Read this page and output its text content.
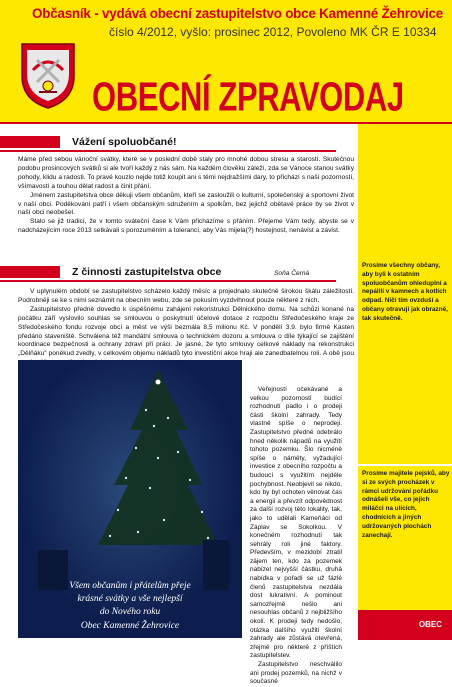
Občasník - vydává obecní zastupitelstvo obce Kamenné Žehrovice
číslo 4/2012, vyšlo: prosinec 2012, Povoleno MK ČR E 10334
OBECNÍ ZPRAVODAJ
Prosíme všechny občany, aby byli k ostatním spoluobčanům ohleduplní a nepálili v kamnech a kotlích odpad. Ničí tím ovzduší a občany otravují jak obrazně, tak skutečně.
Prosíme majitele pejsků, aby si ze svých procházek v rámci udržování pořádku odnášeli vše, co jejich miláčci na ulicích, chodnících a jiných udržovaných plochách zanechají.
OBEC
Vážení spoluobčané!

Máme před sebou vánoční svátky, které se v poslední době staly pro mnohé dobou stresu a starostí. Skutečnou podobu prosincových svátků si ale tvoří každý z nás sám. Na každém člověku záleží, zda se Vánoce stanou svátky pohody, klidu a radosti. To pravé kouzlo nejde totiž koupit ani s těmi nejdražšími dary, to přichází s naší pozorností, všímavostí a touhou dělat radost a činit přání.

Jménem zastupitelstva obce děkuji všem občanům, kteří se zasloužili o kulturní, společenský a sportovní život v naší obci. Poděkování patří i všem občanským sdružením a spolkům, bez jejichž obětavé práce by se život v naší obci neobešel.

Stalo se již tradicí, že v tomto sváteční čase k Vám přicházíme s přáním. Přejeme Vám tedy, abyste se v nadcházejícím roce 2013 setkávali s porozuměním a tolerancí, aby Vás mijela(?) hostejnost, nenávist a závist.

Soňa Černá
Z činnosti zastupitelstva obce

V uplynulém období se zastupitelstvo scházelo každý měsíc a projednalo skutečně širokou škálu záležitostí. Podrobněji se ke s nimi seznámit na obecním webu, zde se pokusím vyzdvihnout pouze některé z nich.

Zastupitelstvo předně dovedlo k úspěšnému zahájení rekonstrukci Dělnického domu. Na schůzi konané na počátku září vyslovilo souhlas se smlouvou o poskytnutí účelové dotace z rozpočtu Středočeského kraje ze Středočeského fondu rozvoje obcí a měst ve výši bezmála 8,5 milionu Kč. V pondělí 3.9. bylo firmě Kasten předáno staveniště. Schválena též mandátní smlouva o technickém dozoru a smlouva o díle týkající se zajištění koordinace bezpečnosti a ochrany zdraví při práci. Je jasné, že tyto smlouvy celkové náklady na rekonstrukci „Dělňáku“ poněkud zvedly, v celkovém objemu nákladů tyto investiční akce hraji ale zanedbatelnou roli. A obě jsou

Všem občanům i přátelům přeje
krásné svátky a vše nejlepší
do Nového roku
Obec Kamenné Žehrovice

Veřejností očekávané a velkou pozorností budící rozhodnutí padlo i o prodeji části školní zahrady. Tedy vlastně spíše o neprodeji. Zastupitelstvo předně odebrálo hned několik nápadů na využití tohoto pozemku. Šlo nicméně spíše o náměty, vyžadující investice z obecního rozpočtu a budoucí s využitím nejdéle pochybnost. Neobjevil se nikdo, kdo by byl ochoten věnovat čas a energii a převzít odpovědnost za další rozvoj této lokality, tak, jako to udělali Kameňáci od Záplav se Sokolkou. V konečném rozhodnutí tak sehrály roli jiné faktory. Především, v mezidobí ztratil zájem ten, kdo za pozemek nabízel nejvyšší částku, druhá nabídka v pořadí se už fázlé členů zastupitelstva nezdála dost lukrativní. A pominout samozřejmě nešlo ani nesouhlas občanů z nejbližšího okolí. K prodeji tedy nedošlo, otázka dalšího využití školní zahrady ale zůstává otevřená, zřejmě pro některé z příštích zastupitelstev.

Zastupitelstvo neschválilo ani prodej pozemků, na nichž v současné
